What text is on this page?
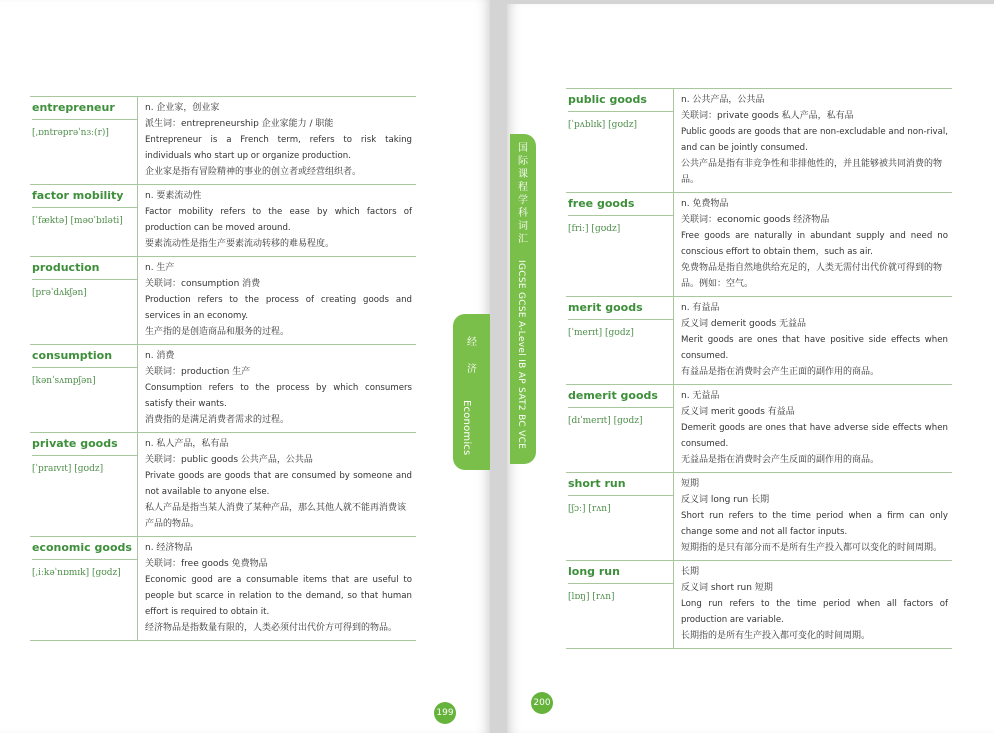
entrepreneur
[ˌɒntrəprəˈnɜː(r)]
n. 企业家，创业家
派生词：entrepreneurship 企业家能力 / 职能
Entrepreneur is a French term, refers to risk taking individuals who start up or organize production.
企业家是指有冒险精神的事业的创立者或经营组织者。
factor mobility
[ˈfæktə] [məʊˈbɪləti]
n. 要素流动性
Factor mobility refers to the ease by which factors of production can be moved around.
要素流动性是指生产要素流动转移的难易程度。
production
[prəˈdʌkʃən]
n. 生产
关联词：consumption 消费
Production refers to the process of creating goods and services in an economy.
生产指的是创造商品和服务的过程。
consumption
[kənˈsʌmpʃən]
n. 消费
关联词：production 生产
Consumption refers to the process by which consumers satisfy their wants.
消费指的是满足消费者需求的过程。
private goods
[ˈpraɪvɪt] [gʊdz]
n. 私人产品，私有品
关联词：public goods 公共产品，公共品
Private goods are goods that are consumed by someone and not available to anyone else.
私人产品是指当某人消费了某种产品，那么其他人就不能再消费该产品的物品。
economic goods
[ˌiːkəˈnɒmɪk] [gʊdz]
n. 经济物品
关联词：free goods 免费物品
Economic good are a consumable items that are useful to people but scarce in relation to the demand, so that human effort is required to obtain it.
经济物品是指数量有限的，人类必须付出代价方可得到的物品。
199
200
public goods
[ˈpʌblɪk] [gʊdz]
n. 公共产品，公共品
关联词：private goods 私人产品，私有品
Public goods are goods that are non-excludable and non-rival, and can be jointly consumed.
公共产品是指有非竞争性和非排他性的，并且能够被共同消费的物品。
free goods
[friː] [gʊdz]
n. 免费物品
关联词：economic goods 经济物品
Free goods are naturally in abundant supply and need no conscious effort to obtain them，such as air.
免费物品是指自然地供给充足的，人类无需付出代价就可得到的物品。例如：空气。
merit goods
[ˈmerɪt] [gʊdz]
n. 有益品
反义词 demerit goods 无益品
Merit goods are ones that have positive side effects when consumed.
有益品是指在消费时会产生正面的副作用的商品。
demerit goods
[dɪˈmerɪt] [gʊdz]
n. 无益品
反义词 merit goods 有益品
Demerit goods are ones that have adverse side effects when consumed.
无益品是指在消费时会产生反面的副作用的商品。
short run
[ʃɔː] [rʌn]
短期
反义词 long run 长期
Short run refers to the time period when a firm can only change some and not all factor inputs.
短期指的是只有部分而不是所有生产投入都可以变化的时间周期。
long run
[lɒŋ] [rʌn]
长期
反义词 short run 短期
Long run refers to the time period when all factors of production are variable.
长期指的是所有生产投入都可变化的时间周期。
经
济
Economics
国
际
课
程
学
科
词
汇
IGCSE GCSE A-Level IB AP SAT2 BC VCE
